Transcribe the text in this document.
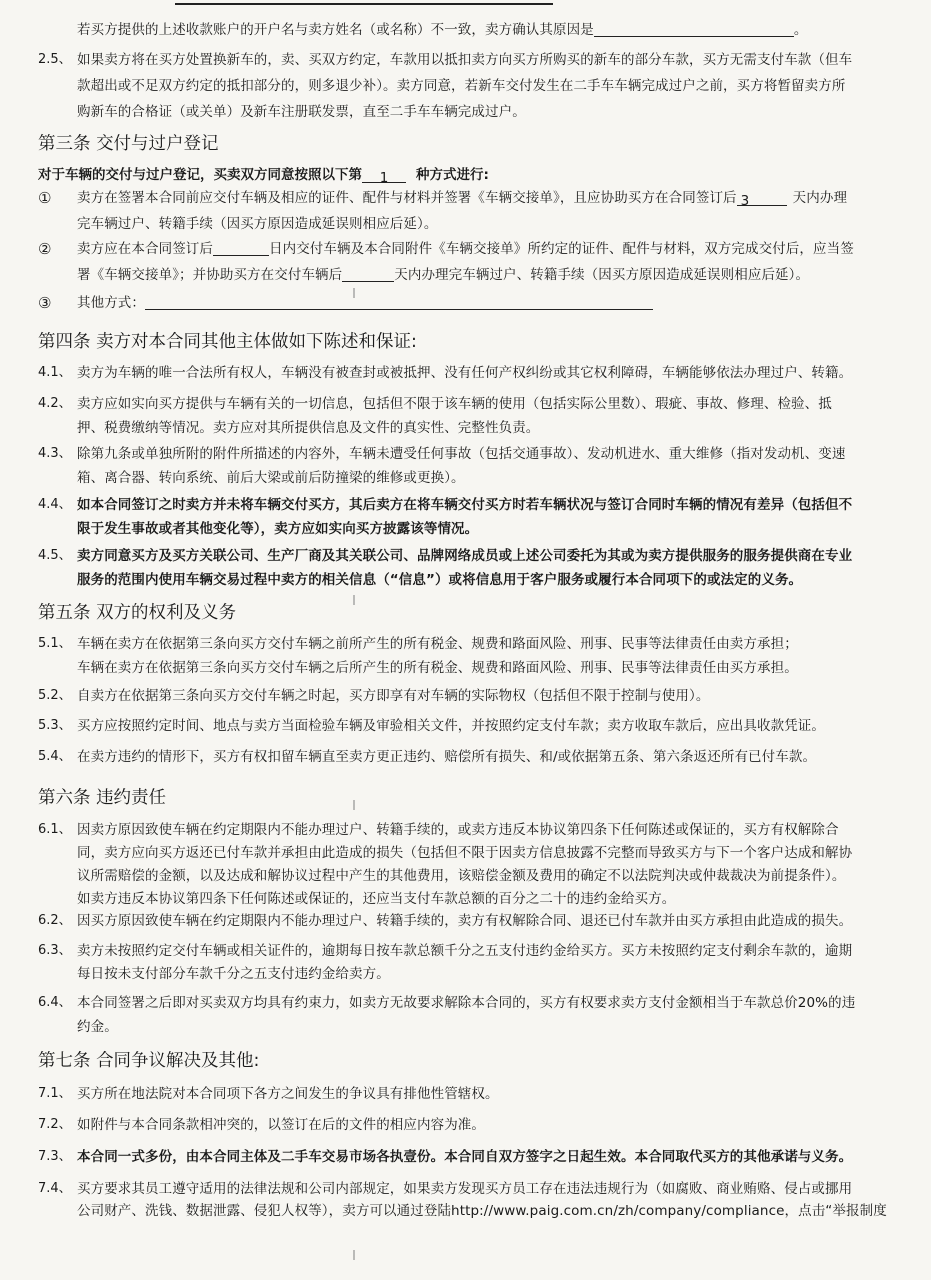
若买方提供的上述收款账户的开户名与卖方姓名（或名称）不一致，卖方确认其原因是	。
2.5、 如果卖方将在买方处置换新车的，卖、买双方约定，车款用以抵扣卖方向买方所购买的新车的部分车款，买方无需支付车款（但车
款超出或不足双方约定的抵扣部分的，则多退少补）。卖方同意，若新车交付发生在二手车车辆完成过户之前，买方将暂留卖方所
购新车的合格证（或关单）及新车注册联发票，直至二手车车辆完成过户。
第三条 交付与过户登记
对于车辆的交付与过户登记，买卖双方同意按照以下第 1 种方式进行:
① 卖方在签署本合同前应交付车辆及相应的证件、配件与材料并签署《车辆交接单》，且应协助买方在合同签订后 3	天内办理
完车辆过户、转籍手续（因买方原因造成延误则相应后延）。
② 卖方应在本合同签订后	日内交付车辆及本合同附件《车辆交接单》所约定的证件、配件与材料，双方完成交付后，应当签
署《车辆交接单》；并协助买方在交付车辆后	天内办理完车辆过户、转籍手续（因买方原因造成延误则相应后延）。
③ 其他方式：
第四条 卖方对本合同其他主体做如下陈述和保证:
4.1、 卖方为车辆的唯一合法所有权人，车辆没有被查封或被抵押、没有任何产权纠纷或其它权利障碍，车辆能够依法办理过户、转籍。
4.2、 卖方应如实向买方提供与车辆有关的一切信息，包括但不限于该车辆的使用（包括实际公里数）、瑕疵、事故、修理、检验、抵
押、税费缴纳等情况。卖方应对其所提供信息及文件的真实性、完整性负责。
4.3、 除第九条或单独所附的附件所描述的内容外，车辆未遭受任何事故（包括交通事故）、发动机进水、重大维修（指对发动机、变速
箱、离合器、转向系统、前后大梁或前后防撞梁的维修或更换）。
4.4、 如本合同签订之时卖方并未将车辆交付买方，其后卖方在将车辆交付买方时若车辆状况与签订合同时车辆的情况有差异（包括但不
限于发生事故或者其他变化等），卖方应如实向买方披露该等情况。
4.5、 卖方同意买方及买方关联公司、生产厂商及其关联公司、品牌网络成员或上述公司委托为其或为卖方提供服务的服务提供商在专业
服务的范围内使用车辆交易过程中卖方的相关信息（“信息”）或将信息用于客户服务或履行本合同项下的或法定的义务。
第五条 双方的权利及义务
5.1、 车辆在卖方在依据第三条向买方交付车辆之前所产生的所有税金、规费和路面风险、刑事、民事等法律责任由卖方承担；
车辆在卖方在依据第三条向买方交付车辆之后所产生的所有税金、规费和路面风险、刑事、民事等法律责任由买方承担。
5.2、 自卖方在依据第三条向买方交付车辆之时起，买方即享有对车辆的实际物权（包括但不限于控制与使用）。
5.3、 买方应按照约定时间、地点与卖方当面检验车辆及审验相关文件，并按照约定支付车款；卖方收取车款后，应出具收款凭证。
5.4、 在卖方违约的情形下，买方有权扣留车辆直至卖方更正违约、赔偿所有损失、和/或依据第五条、第六条返还所有已付车款。
第六条 违约责任
6.1、 因卖方原因致使车辆在约定期限内不能办理过户、转籍手续的，或卖方违反本协议第四条下任何陈述或保证的，买方有权解除合
同，卖方应向买方返还已付车款并承担由此造成的损失（包括但不限于因卖方信息披露不完整而导致买方与下一个客户达成和解协
议所需赔偿的金额，以及达成和解协议过程中产生的其他费用，该赔偿金额及费用的确定不以法院判决或仲裁裁决为前提条件）。
如卖方违反本协议第四条下任何陈述或保证的，还应当支付车款总额的百分之二十的违约金给买方。
6.2、 因买方原因致使车辆在约定期限内不能办理过户、转籍手续的，卖方有权解除合同、退还已付车款并由买方承担由此造成的损失。
6.3、 卖方未按照约定交付车辆或相关证件的，逾期每日按车款总额千分之五支付违约金给买方。买方未按照约定支付剩余车款的，逾期
每日按未支付部分车款千分之五支付违约金给卖方。
6.4、 本合同签署之后即对买卖双方均具有约束力，如卖方无故要求解除本合同的，买方有权要求卖方支付金额相当于车款总价20%的违
约金。
第七条 合同争议解决及其他:
7.1、 买方所在地法院对本合同项下各方之间发生的争议具有排他性管辖权。
7.2、 如附件与本合同条款相冲突的，以签订在后的文件的相应内容为准。
7.3、 本合同一式多份，由本合同主体及二手车交易市场各执壹份。本合同自双方签字之日起生效。本合同取代买方的其他承诺与义务。
7.4、 买方要求其员工遵守适用的法律法规和公司内部规定，如果卖方发现买方员工存在违法违规行为（如腐败、商业贿赂、侵占或挪用
公司财产、洗钱、数据泄露、侵犯人权等），卖方可以通过登陆http://www.paig.com.cn/zh/company/compliance，点击“举报制度
